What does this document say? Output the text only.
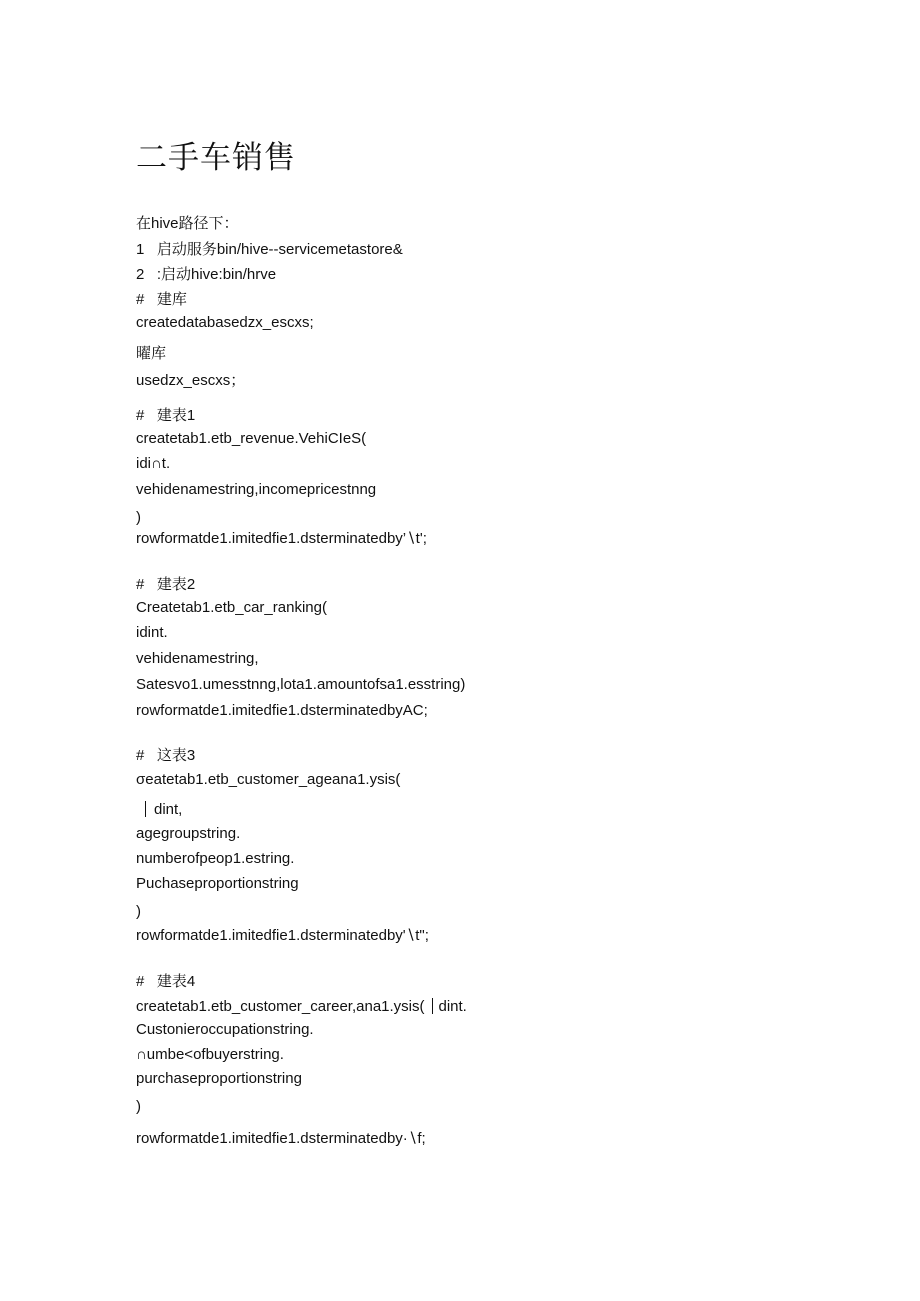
二手车销售

在hive路径下：

1   启动服务bin/hive--servicemetastore&

2   :启动hive:bin/hrve

#   建库

createdatabasedzx_escxs;

曜库

usedzx_escxs；

#   建表1

createtab1.etb_revenue.VehiCIeS(

idi∩t.

vehidenamestring,incomepricestnng

)

rowformatde1.imitedfie1.dsterminatedby’∖t';

#   建表2

Createtab1.etb_car_ranking(

idint.

vehidenamestring,

Satesvo1.umesstnng,lota1.amountofsa1.esstring)

rowformatde1.imitedfie1.dsterminatedbyAC;

#   这表3

σeatetab1.etb_customer_ageana1.ysis(

dint,

agegroupstring.

numberofpeop1.estring.

Puchaseproportionstring

)

rowformatde1.imitedfie1.dsterminatedby'∖t";

#   建表4

createtab1.etb_customer_career,ana1.ysis( dint.

Custonieroccupationstring.

∩umbe<ofbuyerstring.

purchaseproportionstring

)

rowformatde1.imitedfie1.dsterminatedby·∖f;
